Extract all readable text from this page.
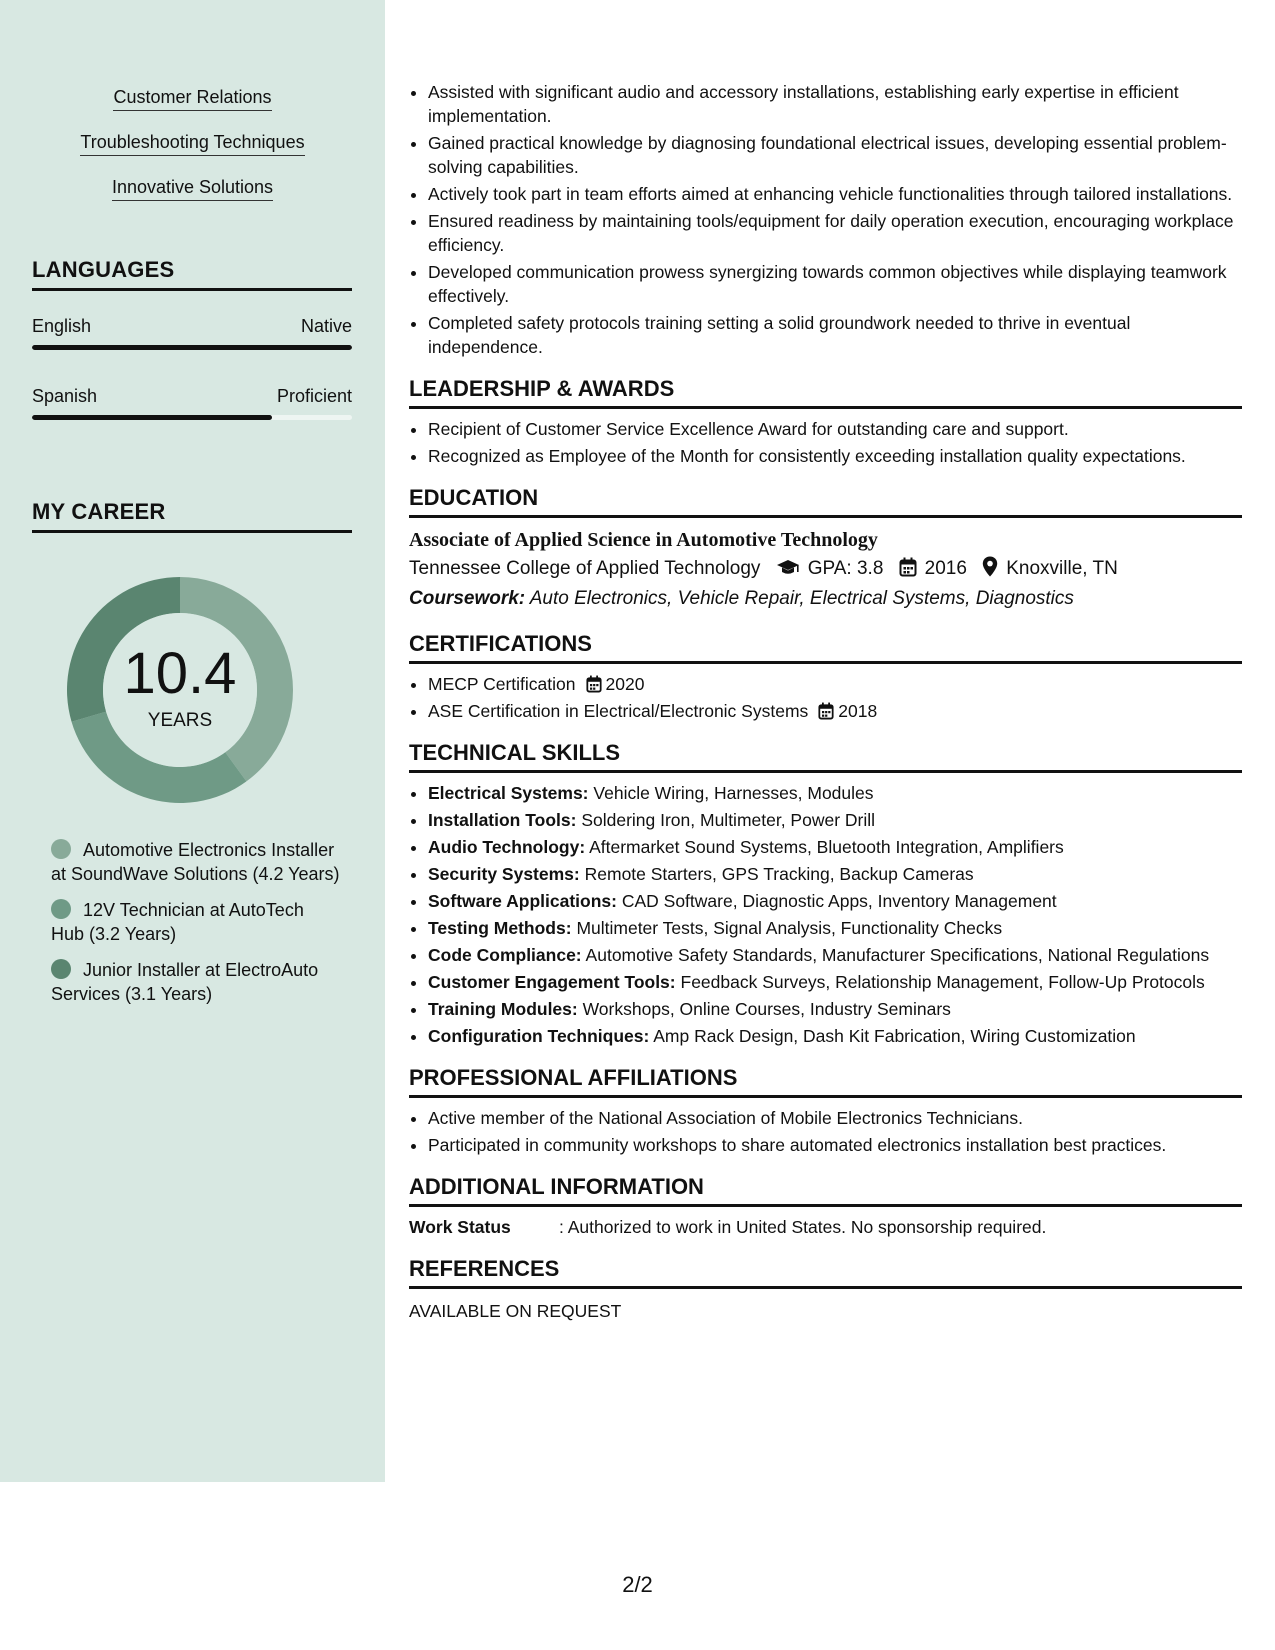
Customer Relations
Troubleshooting Techniques
Innovative Solutions
LANGUAGES
English	Native
Spanish	Proficient
MY CAREER
10.4
YEARS
Automotive Electronics Installer at SoundWave Solutions (4.2 Years)
12V Technician at AutoTech Hub (3.2 Years)
Junior Installer at ElectroAuto Services (3.1 Years)
• Assisted with significant audio and accessory installations, establishing early expertise in efficient implementation.
• Gained practical knowledge by diagnosing foundational electrical issues, developing essential problem-solving capabilities.
• Actively took part in team efforts aimed at enhancing vehicle functionalities through tailored installations.
• Ensured readiness by maintaining tools/equipment for daily operation execution, encouraging workplace efficiency.
• Developed communication prowess synergizing towards common objectives while displaying teamwork effectively.
• Completed safety protocols training setting a solid groundwork needed to thrive in eventual independence.
LEADERSHIP & AWARDS
• Recipient of Customer Service Excellence Award for outstanding care and support.
• Recognized as Employee of the Month for consistently exceeding installation quality expectations.
EDUCATION
Associate of Applied Science in Automotive Technology
Tennessee College of Applied Technology GPA: 3.8 2016 Knoxville, TN
Coursework: Auto Electronics, Vehicle Repair, Electrical Systems, Diagnostics
CERTIFICATIONS
• MECP Certification 2020
• ASE Certification in Electrical/Electronic Systems 2018
TECHNICAL SKILLS
• Electrical Systems: Vehicle Wiring, Harnesses, Modules
• Installation Tools: Soldering Iron, Multimeter, Power Drill
• Audio Technology: Aftermarket Sound Systems, Bluetooth Integration, Amplifiers
• Security Systems: Remote Starters, GPS Tracking, Backup Cameras
• Software Applications: CAD Software, Diagnostic Apps, Inventory Management
• Testing Methods: Multimeter Tests, Signal Analysis, Functionality Checks
• Code Compliance: Automotive Safety Standards, Manufacturer Specifications, National Regulations
• Customer Engagement Tools: Feedback Surveys, Relationship Management, Follow-Up Protocols
• Training Modules: Workshops, Online Courses, Industry Seminars
• Configuration Techniques: Amp Rack Design, Dash Kit Fabrication, Wiring Customization
PROFESSIONAL AFFILIATIONS
• Active member of the National Association of Mobile Electronics Technicians.
• Participated in community workshops to share automated electronics installation best practices.
ADDITIONAL INFORMATION
Work Status	: Authorized to work in United States. No sponsorship required.
REFERENCES
AVAILABLE ON REQUEST
2/2
